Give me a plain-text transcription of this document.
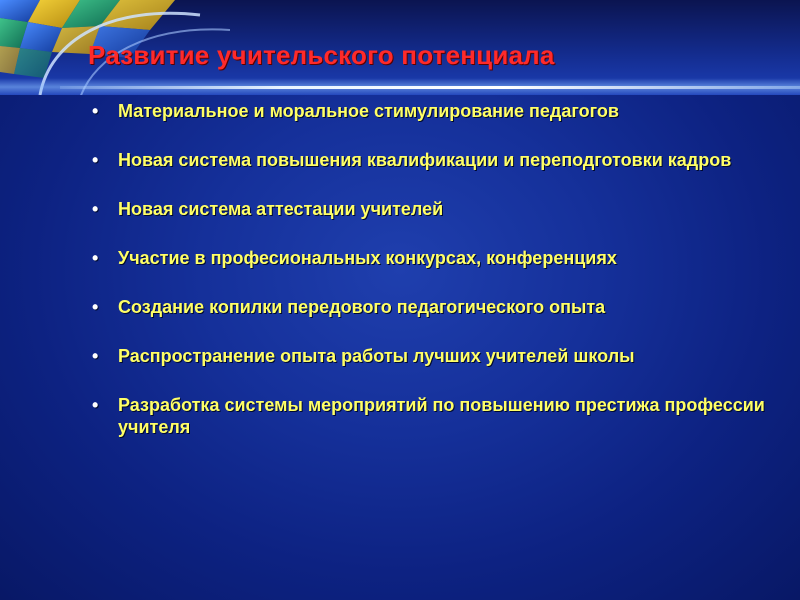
Развитие учительского потенциала
• Материальное и моральное стимулирование педагогов
• Новая система повышения квалификации и переподготовки кадров
• Новая система аттестации учителей
• Участие в професиональных конкурсах, конференциях
• Создание копилки передового педагогического опыта
• Распространение опыта работы лучших учителей школы
• Разработка системы мероприятий по повышению престижа профессии учителя
